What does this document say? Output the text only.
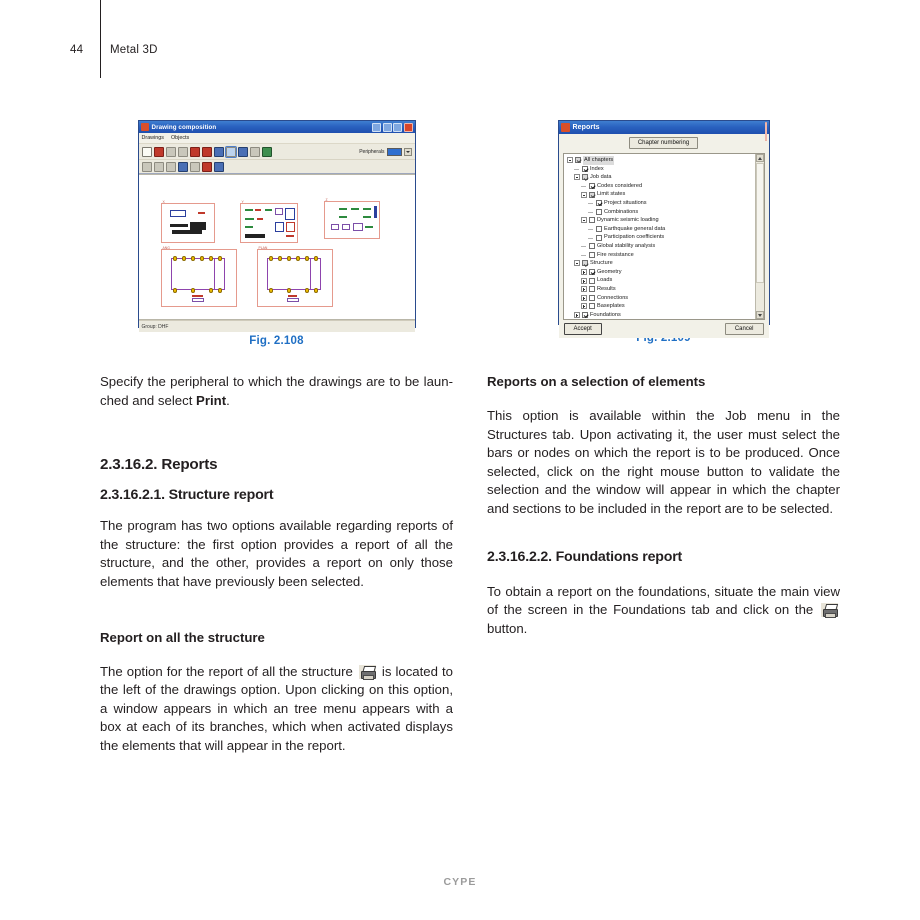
44 Metal 3D
Drawing composition
Drawings Objects
Peripherals
X	Y	Z
ANG	PLAN
Group: DHF
Fig. 2.108

Specify the peripheral to which the drawings are to be laun-ched and select Print.

2.3.16.2. Reports
2.3.16.2.1. Structure report

The program has two options available regarding reports of the structure: the first option provides a report of all the structure, and the other, provides a report on only those elements that have previously been selected.

Report on all the structure

The option for the report of all the structure is located to the left of the drawings option. Upon clicking on this option, a window appears in which an tree menu appears with a box at each of its branches, which when activated displays the elements that will appear in the report.

Reports
Chapter numbering
All chapters
Index
Job data
Codes considered
Limit states
Project situations
Combinations
Dynamic seismic loading
Earthquake general data
Participation coefficients
Global stability analysis
Fire resistance
Structure
Geometry
Loads
Results
Connections
Baseplates
Foundations
Accept	Cancel
Reports on a selection of elements

This option is available within the Job menu in the Structures tab. Upon activating it, the user must select the bars or nodes on which the report is to be produced. Once selected, click on the right mouse button to validate the selection and the window will appear in which the chapter and sections to be included in the report are to be selected.

2.3.16.2.2. Foundations report

To obtain a report on the foundations, situate the main view of the screen in the Foundations tab and click on the
button.

CYPE
